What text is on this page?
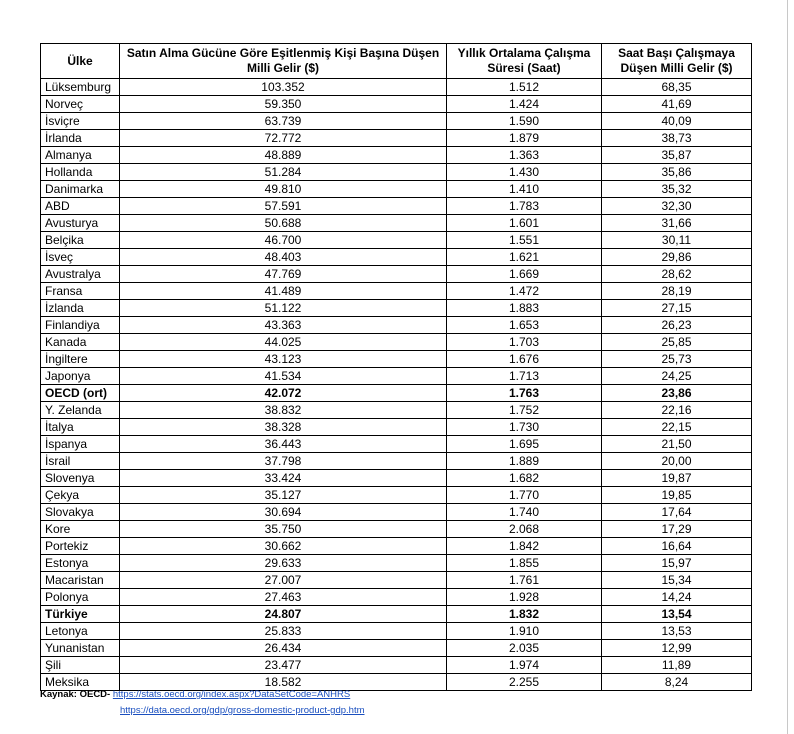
Ülke	Satın Alma Gücüne Göre Eşitlenmiş Kişi Başına Düşen Milli Gelir ($)	Yıllık Ortalama Çalışma Süresi (Saat)	Saat Başı Çalışmaya Düşen Milli Gelir ($)
Lüksemburg	103.352	1.512	68,35
Norveç	59.350	1.424	41,69
İsviçre	63.739	1.590	40,09
İrlanda	72.772	1.879	38,73
Almanya	48.889	1.363	35,87
Hollanda	51.284	1.430	35,86
Danimarka	49.810	1.410	35,32
ABD	57.591	1.783	32,30
Avusturya	50.688	1.601	31,66
Belçika	46.700	1.551	30,11
İsveç	48.403	1.621	29,86
Avustralya	47.769	1.669	28,62
Fransa	41.489	1.472	28,19
İzlanda	51.122	1.883	27,15
Finlandiya	43.363	1.653	26,23
Kanada	44.025	1.703	25,85
İngiltere	43.123	1.676	25,73
Japonya	41.534	1.713	24,25
OECD (ort)	42.072	1.763	23,86
Y. Zelanda	38.832	1.752	22,16
İtalya	38.328	1.730	22,15
İspanya	36.443	1.695	21,50
İsrail	37.798	1.889	20,00
Slovenya	33.424	1.682	19,87
Çekya	35.127	1.770	19,85
Slovakya	30.694	1.740	17,64
Kore	35.750	2.068	17,29
Portekiz	30.662	1.842	16,64
Estonya	29.633	1.855	15,97
Macaristan	27.007	1.761	15,34
Polonya	27.463	1.928	14,24
Türkiye	24.807	1.832	13,54
Letonya	25.833	1.910	13,53
Yunanistan	26.434	2.035	12,99
Şili	23.477	1.974	11,89
Meksika	18.582	2.255	8,24
Kaynak: OECD- https://stats.oecd.org/index.aspx?DataSetCode=ANHRS
https://data.oecd.org/gdp/gross-domestic-product-gdp.htm
